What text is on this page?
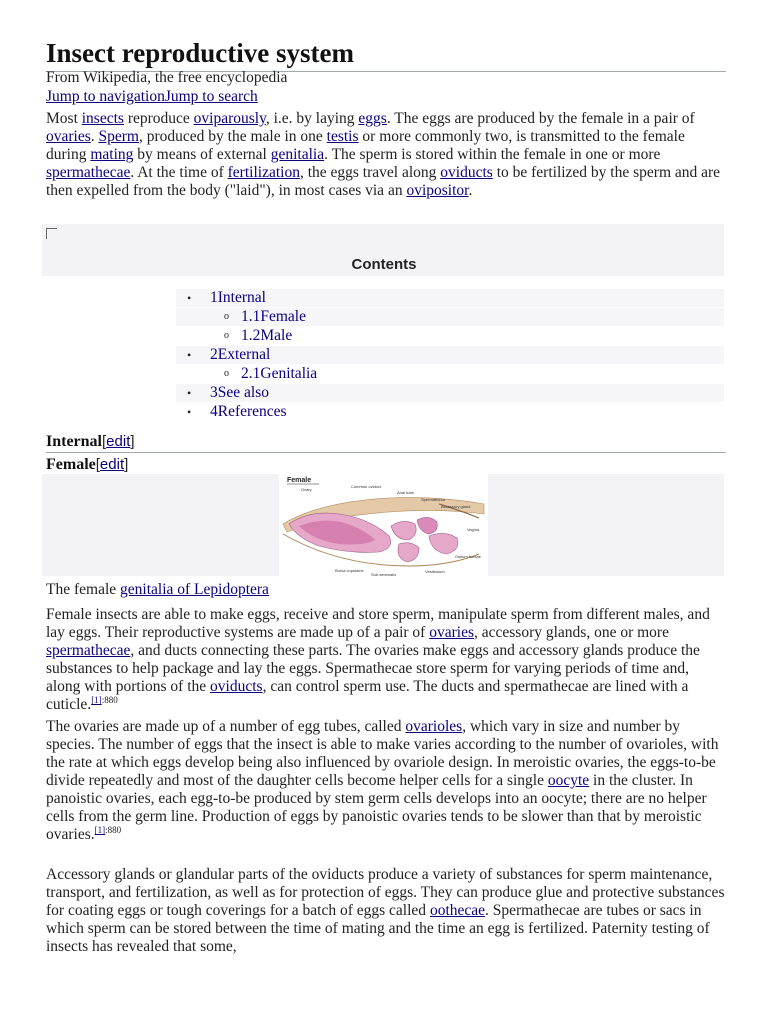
Insect reproductive system
From Wikipedia, the free encyclopedia
Jump to navigationJump to search

Most insects reproduce oviparously, i.e. by laying eggs. The eggs are produced by the female in a pair of ovaries. Sperm, produced by the male in one testis or more commonly two, is transmitted to the female during mating by means of external genitalia. The sperm is stored within the female in one or more spermathecae. At the time of fertilization, the eggs travel along oviducts to be fertilized by the sperm and are then expelled from the body ("laid"), in most cases via an ovipositor.

Contents
• 1Internal
o 1.1Female
o 1.2Male
• 2External
o 2.1Genitalia
• 3See also
• 4References
Internal[edit]
Female[edit]
Female
Ovary
Common oviduct
Anal tube
Spermatheca
Accessory gland
Vagina
Ostium bursae
Vestibulum
Sub-seminalis
Bursa copulatrix
The female genitalia of Lepidoptera

Female insects are able to make eggs, receive and store sperm, manipulate sperm from different males, and lay eggs. Their reproductive systems are made up of a pair of ovaries, accessory glands, one or more spermathecae, and ducts connecting these parts. The ovaries make eggs and accessory glands produce the substances to help package and lay the eggs. Spermathecae store sperm for varying periods of time and, along with portions of the oviducts, can control sperm use. The ducts and spermathecae are lined with a cuticle.$^{[1]:880}$

The ovaries are made up of a number of egg tubes, called ovarioles, which vary in size and number by species. The number of eggs that the insect is able to make varies according to the number of ovarioles, with the rate at which eggs develop being also influenced by ovariole design. In meroistic ovaries, the eggs-to-be divide repeatedly and most of the daughter cells become helper cells for a single oocyte in the cluster. In panoistic ovaries, each egg-to-be produced by stem germ cells develops into an oocyte; there are no helper cells from the germ line. Production of eggs by panoistic ovaries tends to be slower than that by meroistic ovaries.$^{[1]:880}$

Accessory glands or glandular parts of the oviducts produce a variety of substances for sperm maintenance, transport, and fertilization, as well as for protection of eggs. They can produce glue and protective substances for coating eggs or tough coverings for a batch of eggs called oothecae. Spermathecae are tubes or sacs in which sperm can be stored between the time of mating and the time an egg is fertilized. Paternity testing of insects has revealed that some,
